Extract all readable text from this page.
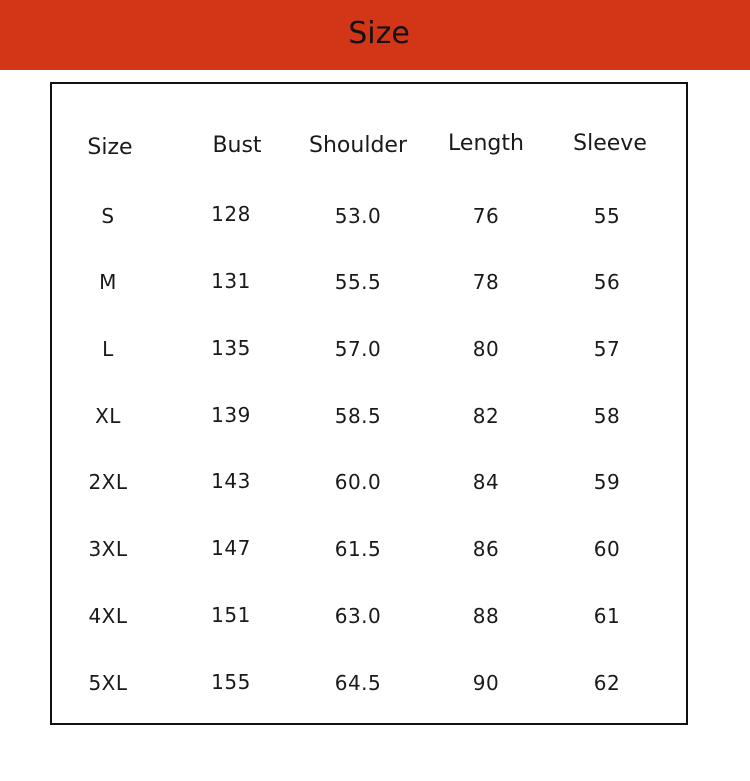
Size
Size	Bust Shoulder Length Sleeve
S	128	53.0	76	55
M	131	55.5	78	56
L	135	57.0	80	57
XL	139	58.5	82	58
2XL	143	60.0	84	59
3XL	147	61.5	86	60
4XL	151	63.0	88	61
5XL	155	64.5	90	62
